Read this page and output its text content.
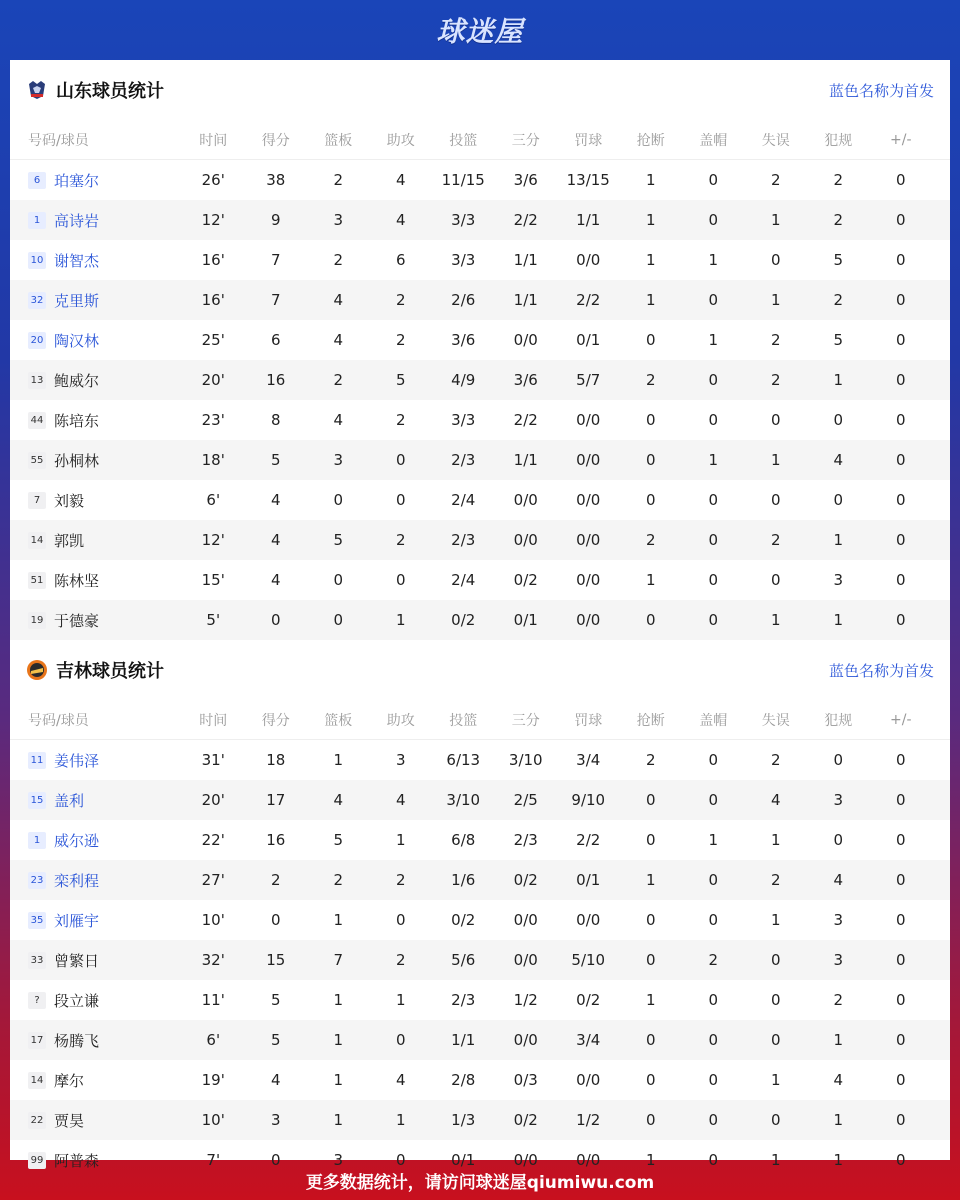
球迷屋
山东球员统计	蓝色名称为首发
号码/球员	时间	得分	篮板	助攻	投篮	三分	罚球	抢断	盖帽	失误	犯规	+/-
6 珀塞尔	26'	38	2	4	11/15	3/6	13/15	1	0	2	2	0
1 高诗岩	12'	9	3	4	3/3	2/2	1/1	1	0	1	2	0
10 谢智杰	16'	7	2	6	3/3	1/1	0/0	1	1	0	5	0
32 克里斯	16'	7	4	2	2/6	1/1	2/2	1	0	1	2	0
20 陶汉林	25'	6	4	2	3/6	0/0	0/1	0	1	2	5	0
13 鲍威尔	20'	16	2	5	4/9	3/6	5/7	2	0	2	1	0
44 陈培东	23'	8	4	2	3/3	2/2	0/0	0	0	0	0	0
55 孙桐林	18'	5	3	0	2/3	1/1	0/0	0	1	1	4	0
7 刘毅	6'	4	0	0	2/4	0/0	0/0	0	0	0	0	0
14 郭凯	12'	4	5	2	2/3	0/0	0/0	2	0	2	1	0
51 陈林坚	15'	4	0	0	2/4	0/2	0/0	1	0	0	3	0
19 于德豪	5'	0	0	1	0/2	0/1	0/0	0	0	1	1	0
吉林球员统计	蓝色名称为首发
号码/球员	时间	得分	篮板	助攻	投篮	三分	罚球	抢断	盖帽	失误	犯规	+/-
11 姜伟泽	31'	18	1	3	6/13	3/10	3/4	2	0	2	0	0
15 盖利	20'	17	4	4	3/10	2/5	9/10	0	0	4	3	0
1 威尔逊	22'	16	5	1	6/8	2/3	2/2	0	1	1	0	0
23 栾利程	27'	2	2	2	1/6	0/2	0/1	1	0	2	4	0
35 刘雁宇	10'	0	1	0	0/2	0/0	0/0	0	0	1	3	0
33 曾繁日	32'	15	7	2	5/6	0/0	5/10	0	2	0	3	0
? 段立谦	11'	5	1	1	2/3	1/2	0/2	1	0	0	2	0
17 杨腾飞	6'	5	1	0	1/1	0/0	3/4	0	0	0	1	0
14 摩尔	19'	4	1	4	2/8	0/3	0/0	0	0	1	4	0
22 贾昊	10'	3	1	1	1/3	0/2	1/2	0	0	0	1	0
99 阿普森	7'	0	3	0	0/1	0/0	0/0	1	0	1	1	0
更多数据统计，请访问球迷屋qiumiwu.com
